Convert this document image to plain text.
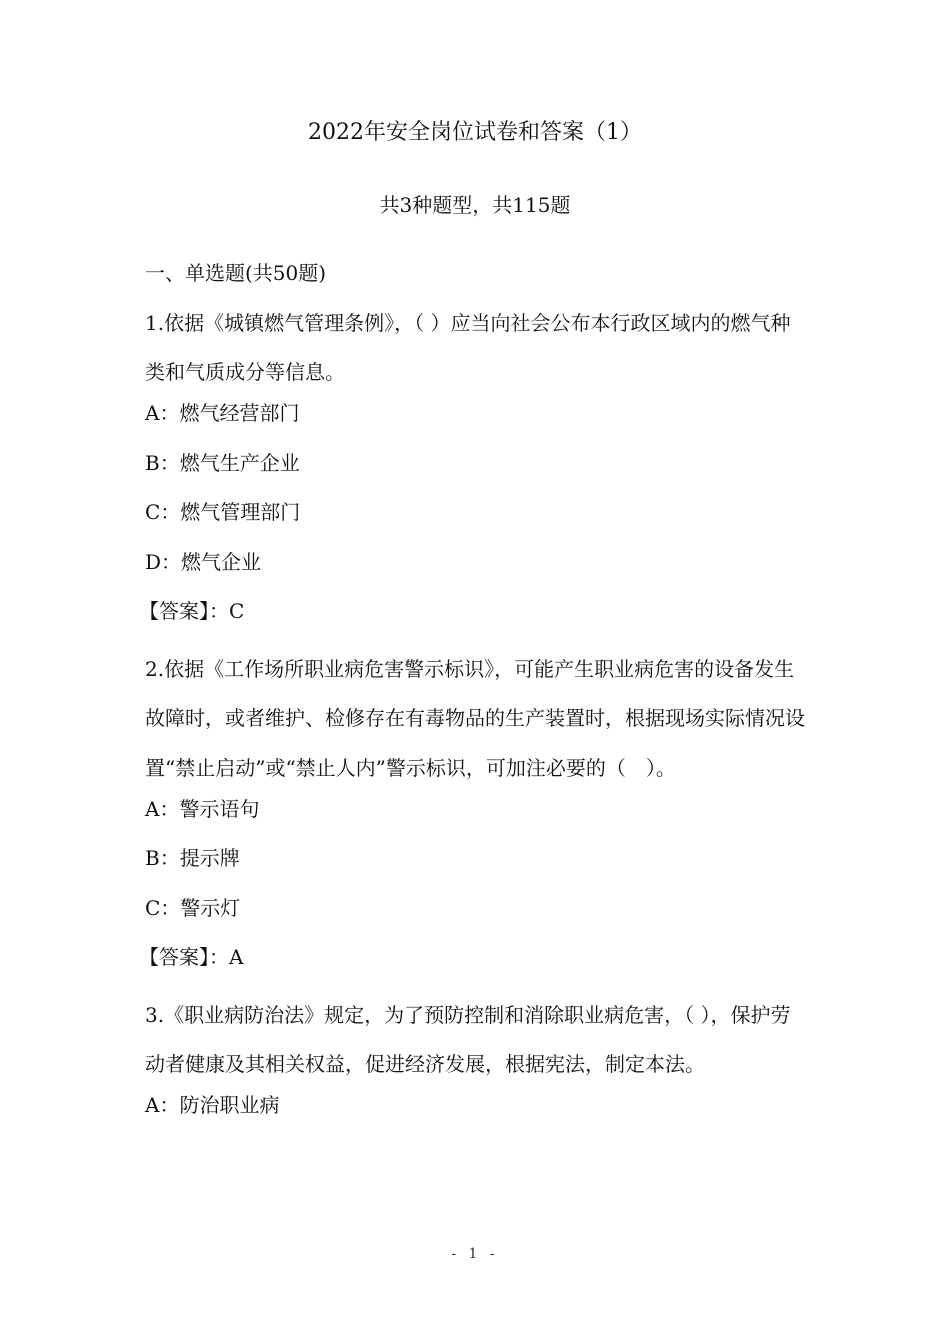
2022年安全岗位试卷和答案（1）
共3种题型，共115题
一、单选题(共50题)
1.依据《城镇燃气管理条例》，（ ）应当向社会公布本行政区域内的燃气种类和气质成分等信息。
A：燃气经营部门
B：燃气生产企业
C：燃气管理部门
D：燃气企业
【答案】：C
2.依据《工作场所职业病危害警示标识》，可能产生职业病危害的设备发生故障时，或者维护、检修存在有毒物品的生产装置时，根据现场实际情况设置“禁止启动”或“禁止人内”警示标识，可加注必要的（　）。
A：警示语句
B：提示牌
C：警示灯
【答案】：A
3.《职业病防治法》规定，为了预防控制和消除职业病危害，（ ），保护劳动者健康及其相关权益，促进经济发展，根据宪法，制定本法。
A：防治职业病
- 1 -
